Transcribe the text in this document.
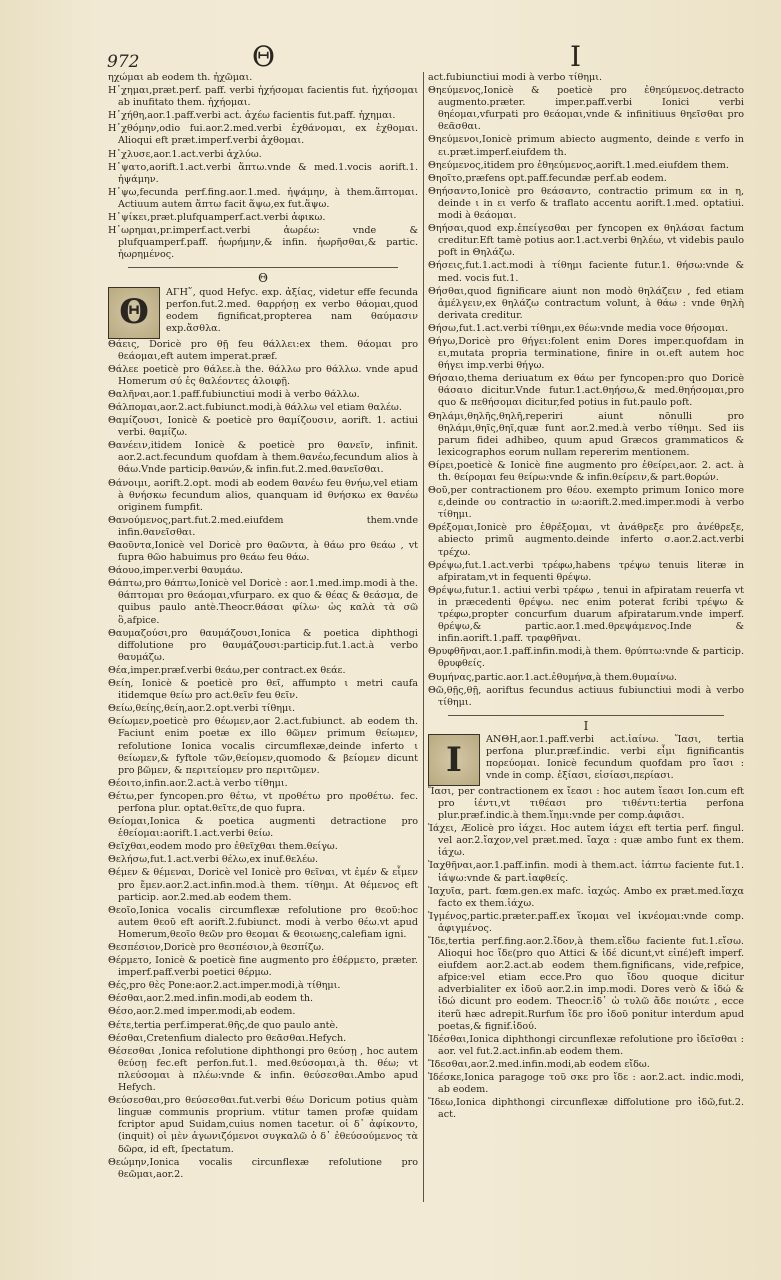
972	Θ	I

ηχώμαι ab eodem th. ἠχῶμαι.

Η᾽χημαι,præt.perf. paff. verbi ἠχήσομαι facientis fut. ἠχήσομαι ab inufitato them. ἠχήομαι.

Η᾽χήθη,aor.1.paff.verbi act. ἀχέω facientis fut.paff. ἠχημαι.

Η᾽χθόμην,odio fui.aor.2.med.verbi ἐχθάνομαι, ex ἐχθομαι. Alioqui eft præt.imperf.verbi ἀχθομαι.

Η᾽χλυσε,aor.1.act.verbi ἀχλύω.

Η᾽ψατο,aorift.1.act.verbi ἅπτω.vnde & med.1.vocis aorift.1. ἠψάμην.

Η᾽ψω,fecunda perf.fing.aor.1.med. ἠψάμην, à them.ἅπτομαι. Actiuum autem ἅπτω facit ἅψω,ex fut.ἅψω.

Η᾽ψίκει,præt.plufquamperf.act.verbi ἀφικω.

Η᾽ωρημαι,pr.imperf.act.verbi ἀωρέω: vnde & plufquamperf.paff. ἠωρήμην,& infin. ἠωρῆσθαι,& partic. ἠωρημένος.

Θ
Θ
ΑΓΗ῞, quod Hefyc. exp. ἀξίας, videtur effe fecunda perfon.fut.2.med. θαρρήσῃ ex verbo θάομαι,quod eodem fignificat,propterea nam θαύμασιν exp.ἄσθλα.

Θάεις, Doricè pro θῇ feu θάλλει:ex them. θάομαι pro θεάομαι,eft autem imperat.præf.

Θάλεε poeticè pro θάλεε.à the. θάλλω pro θάλλω. vnde apud Homerum σύ ἐς θαλέοντες ἀλοιφῇ.

Θαλῆναι,aor.1.paff.fubiunctiui modi à verbo θάλλω.

Θάλπομαι,aor.2.act.fubiunct.modi,à θάλλω vel etiam θαλέω.

Θαμίζουσι, Ionicè & poeticè pro θαμίζουσιν, aorift. 1. actiui verbi. θαμίζω.

Θανέειν,itidem Ionicè & poeticè pro θανεῖν, infinit. aor.2.act.fecundum quofdam à them.θανέω,fecundum alios à θάω.Vnde particip.θανών,& infin.fut.2.med.θανεῖσθαι.

Θάνοιμι, aorift.2.opt. modi ab eodem θανέω feu θνήω,vel etiam à θνήσκω fecundum alios, quanquam id θνήσκω ex θανέω originem fumpfit.

Θανούμενος,part.fut.2.med.eiufdem them.vnde infin.θανεῖσθαι.

Θαοῦντα,Ionicè vel Doricè pro θαῶντα, à θάω pro θεάω , vt fupra θῶο habuimus pro θεάω feu θάω.

Θάουο,imper.verbi θαυμάω.

Θάπτω,pro θάπτω,Ionicè vel Doricè : aor.1.med.imp.modi à the. θάπτομαι pro θεάομαι,vfurparo. ex quo & θέας & θεάσμα, de quibus paulo antè.Theocr.θάσαι φίλω· ὡς καλὰ τὰ σῶ ὃ,afpice.

Θαυμαζούσι,pro θαυμάζουσι,Ionica & poetica diphthogi diffolutione pro θαυμάζουσι:particip.fut.1.act.à verbo θαυμάζω.

Θέα,imper.præf.verbi θεάω,per contract.ex θεάε.

Θείη, Ionicè & poeticè pro θεῖ, affumpto ι metri caufa itidemque θείω pro act.θεῖν feu θεῖν.

Θείω,θείης,θείη,aor.2.opt.verbi τίθημι.

Θείωμεν,poeticè pro θέωμεν,aor 2.act.fubiunct. ab eodem th. Faciunt enim poetæ ex illo θῶμεν primum θείωμεν, refolutione Ionica vocalis circumflexæ,deinde inferto ι θείωμεν,& fyftole τῶν,θείομεν,quomodo & βείομεν dicunt pro βῶμεν, & περιτείομεν pro περιτῶμεν.

Θέοιτο,infin.aor.2.act.à verbo τίθημι.

Θέτω,per fyncopen.pro θέτω, vt προθέτω pro προθέτω. fec. perfona plur. optat.θεῖτε,de quo fupra.

Θείομαι,Ionica & poetica augmenti detractione pro ἐθείομαι:aorift.1.act.verbi θείω.

Θεῖχθαι,eodem modo pro ἐθεῖχθαι them.θείγω.

Θελήσω,fut.1.act.verbi θέλω,ex inuf.θελέω.

Θέμεν & θέμεναι, Doricè vel Ionicè pro θεῖναι, vt ἐμέν & εἶμεν pro ἔμεν.aor.2.act.infin.mod.à them. τίθημι. At θέμενος eft particip. aor.2.med.ab eodem them.

Θεοῖο,Ionica vocalis circumflexæ refolutione pro θεοῦ:hoc autem θεοῦ eft aorift.2.fubiunct. modi à verbo θέω.vt apud Homerum,θεοῖο θεῶν pro θεομαι & θεοιωεης,calefiam igni.

Θεσπέσιον,Doricè pro θεσπέσιον,à θεσπίζω.

Θέρμετο, Ionicè & poeticè fine augmento pro ἐθέρμετο, præter. imperf.paff.verbi poetici θέρμω.

Θές,pro θὲς Pone:aor.2.act.imper.modi,à τίθημι.

Θέσθαι,aor.2.med.infin.modi,ab eodem th.

Θέσο,aor.2.med imper.modi,ab eodem.

Θέτε,tertia perf.imperat.θῆς,de quo paulo antè.

Θέσθαι,Cretenfium dialecto pro θεᾶσθαι.Hefych.

Θέσεσθαι ,Ionica refolutione diphthongi pro θεύσῃ , hoc autem θεύσῃ fec.eft perfon.fut.1. med.θεύσομαι,à th. θέω; vt πλεύσομαι à πλέω:vnde & infin. θεύσεσθαι.Ambo apud Hefych.

Θεύσεσθαι,pro θεύσεσθαι.fut.verbi θέω Doricum potius quàm linguæ communis proprium. vtitur tamen profæ quidam fcriptor apud Suidam,cuius nomen tacetur. οἱ δ᾽ ἀφίκοντο,(inquit) οἱ μὲν ἀγωνιζόμενοι συγκαλῶ ὁ δ᾽ ἐθεύσούμενος τὰ δῶρα, id eft, ſpectatum.

Θεώμην,Ionica vocalis circunflexæ refolutione pro θεῶμαι,aor.2.

act.fubiunctiui modi à verbo τίθημι.

Θηεύμενος,Ionicè & poeticè pro ἐθηεύμενος.detracto augmento.præter. imper.paff.verbi Ionici verbi θηέομαι,vfurpati pro θεάομαι,vnde & infinitiuus θηεῖσθαι pro θεᾶσθαι.

Θηεύμενοι,Ionicè primum abiecto augmento, deinde ε verfo in ει.præt.imperf.eiufdem th.

Θηεύμενος,itidem pro ἐθηεύμενος,aorift.1.med.eiufdem them.

Θηοῖτο,præfens opt.paff.fecundæ perf.ab eodem.

Θηήσαντο,Ionicè pro θεάσαντο, contractio primum εα in η, deinde ι in ει verfo & traflato accentu aorift.1.med. optatiui. modi à θεάομαι.

Θηήσαι,quod exp.ἐπείγεσθαι per fyncopen ex θηλάσαι factum creditur.Eft tamè potius aor.1.act.verbi θηλέω, vt videbis paulo poft in Θηλάζω.

Θήσεις,fut.1.act.modi à τίθημι faciente futur.1. θήσω:vnde & med. vocis fut.1.

Θήσθαι,quod fignificare aiunt non modò θηλάζειν , fed etiam ἀμέλγειν,ex θηλάζω contractum volunt, à θάω : vnde θηλὴ derivata creditur.

Θήσω,fut.1.act.verbi τίθημι,ex θέω:vnde media voce θήσομαι.

Θήγω,Doricè pro θήγει:folent enim Dores imper.quofdam in ει,mutata propria terminatione, finire in οι.eft autem hoc θήγει imp.verbi θήγω.

Θήσαιο,thema deriuatum ex θάω per fyncopen:pro quo Doricè θάσαιο dicitur.Vnde futur.1.act.θηήσω,& med.θηήσομαι,pro quo & πεθήσομαι dicitur,fed potius in fut.paulo poft.

Θηλάμι,θηλῆς,θηλῆ,reperiri aiunt nōnulli pro θηλάμι,θηῖς,θηῖ,quæ funt aor.2.med.à verbo τίθημι. Sed iis parum fidei adhibeo, quum apud Græcos grammaticos & lexicographos eorum nullam repererim mentionem.

Θίρει,poeticè & Ionicè fine augmento pro ἐθείρει,aor. 2. act. à th. θείρομαι feu θείρω:vnde & infin.θείρειν,& part.θορών.

Θοῦ,per contractionem pro θέου. exempto primum Ionico more ε,deinde ου contractio in ω:aorift.2.med.imper.modi à verbo τίθημι.

Θρέξομαι,Ionicè pro ἐθρέξομαι, vt ἀνάθρεξε pro ἀνέθρεξε, abiecto primũ augmento.deinde inferto σ.aor.2.act.verbi τρέχω.

Θρέψω,fut.1.act.verbi τρέφω,habens τρέψω tenuis literæ in afpiratam,vt in fequenti θρέψω.

Θρέψω,futur.1. actiui verbi τρέφω , tenui in afpiratam reuerfa vt in præcedenti θρέψω. nec enim poterat fcribi τρέψω & τρέφω,propter concurfum duarum afpiratarum.vnde imperf. θρέψω,& partic.aor.1.med.θρεψάμενος.Inde & infin.aorift.1.paff. τραφθῆναι.

Θρυφθῆναι,aor.1.paff.infin.modi,à them. θρύπτω:vnde & particip. θρυφθείς.

Θυμήνας,partic.aor.1.act.ἐθυμήνα,à them.θυμαίνω.

Θῶ,θῇς,θῇ, aoriftus fecundus actiuus fubiunctiui modi à verbo τίθημι.

I
I
ΑΝΘΗ,aor.1.paff.verbi act.ἰαίνω. Ἴασι, tertia perfona plur.præf.indic. verbi εἶμι fignificantis πορεύομαι. Ionicè fecundum quofdam pro ἴασι : vnde in comp. ἐξίασι, εἰσίασι,περίασι.

Ἴασι, per contractionem ex ἴεασι : hoc autem ἴεασι Ion.cum eft pro ἱέντι,vt τιθέασι pro τιθέντι:tertia perfona plur.præf.indic.à them.ἵημι:vnde per comp.ἀφιᾶσι.

Ἰάχει, Æolicè pro ἰάχει. Hoc autem ἰάχει eft tertia perf. fingul. vel aor.2.ἴαχον,vel præt.med. ἴαχα : quæ ambo funt ex them. ἰάχω.

Ἰαχθῆναι,aor.1.paff.infin. modi à them.act. ἰάπτω faciente fut.1. ἰάψω:vnde & part.ἰαφθείς.

Ἰαχυῖα, part. fœm.gen.ex mafc. ἰαχώς. Ambo ex præt.med.ἴαχα facto ex them.ἰάχω.

Ἰγμένος,partic.præter.paff.ex ἵκομαι vel ἱκνέομαι:vnde comp. ἀφιγμένος.

Ἴδε,tertia perf.fing.aor.2.ἴδον,à them.εἴδω faciente fut.1.εἴσω. Alioqui hoc ἴδε(pro quo Attici & ἰδέ dicunt,vt εἰπέ)eft imperf. eiufdem aor.2.act.ab eodem them.fignificans, vide,refpice, afpice:vel etiam ecce.Pro quo ἴδου quoque dicitur adverbialiter ex ἰδοῦ aor.2.in imp.modi. Dores verò & ἰδώ & ἰδώ dicunt pro eodem. Theocr.ἰδ᾽ ὠ τυλῶ ἄδε ποιώτε , ecce iterũ hæc adrepit.Rurfum ἴδε pro ἰδοῦ ponitur interdum apud poetas,& fignif.ἰδού.

Ἰδέσθαι,Ionica diphthongi circunflexæ refolutione pro ἰδεῖσθαι : aor. vel fut.2.act.infin.ab eodem them.

Ἴδεσθαι,aor.2.med.infin.modi,ab eodem εἴδω.

Ἰδέσκε,Ionica paragoge τοῦ σκε pro ἴδε : aor.2.act. indic.modi, ab eodem.

Ἴδεω,Ionica diphthongi circunflexæ diffolutione pro ἰδῶ,fut.2. act.
